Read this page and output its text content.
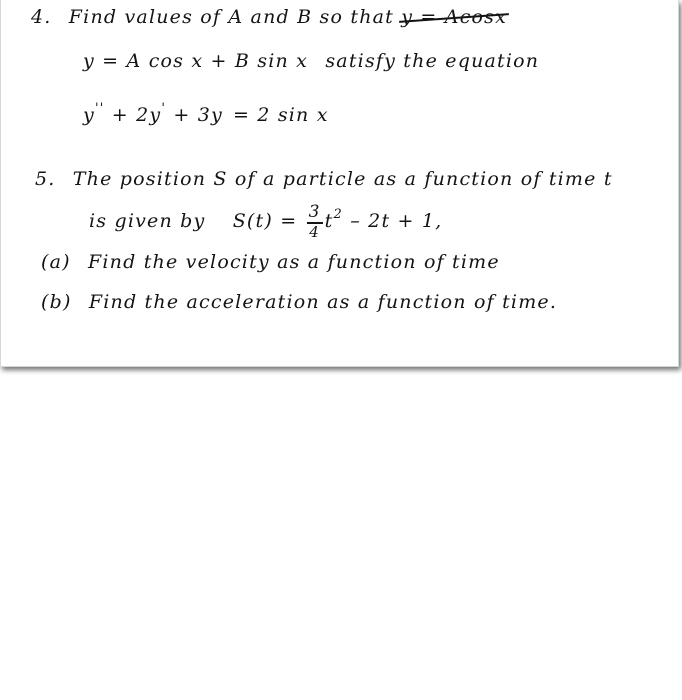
4. Find values of A and B so that y = Acosx
y = A cos x + B sin x satisfy the equation
y'' + 2y' + 3y = 2 sin x
5. The position S of a particle as a function of time t
is given by $S(t) = \frac{3}{4} t^2 - 2t + 1$,
(a) Find the velocity as a function of time
(b) Find the acceleration as a function of time.
